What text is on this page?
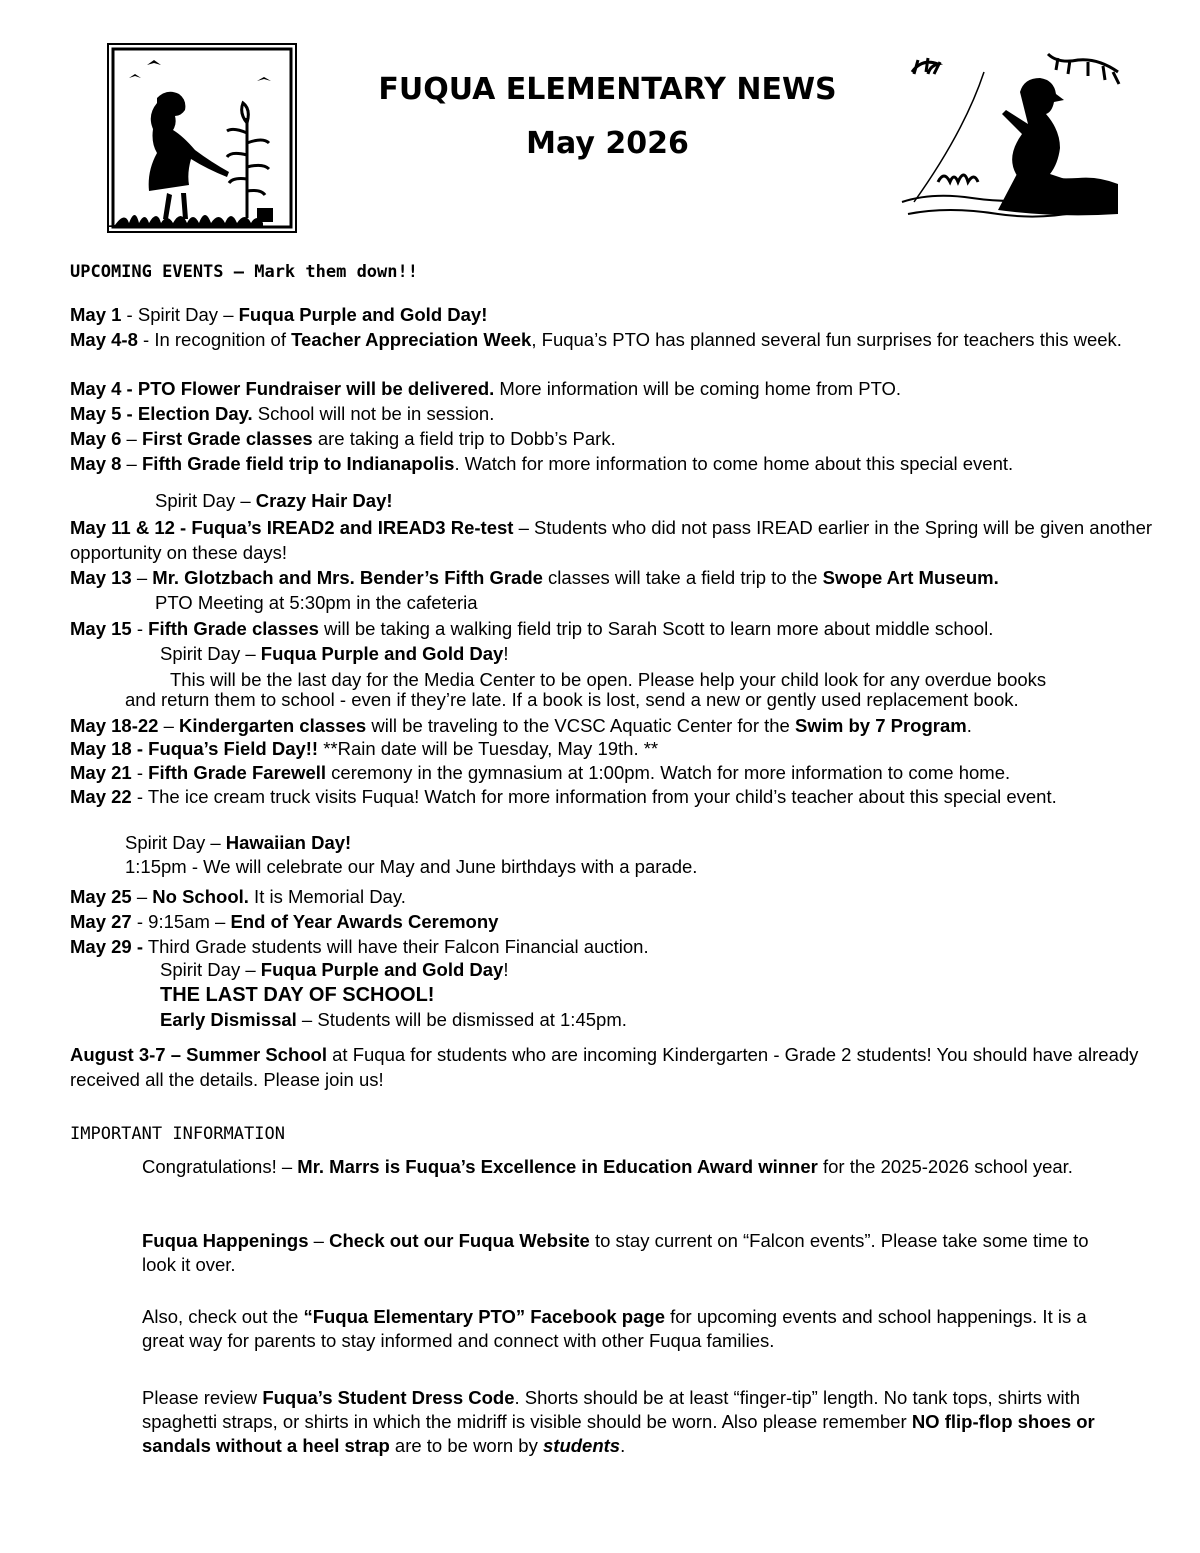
FUQUA ELEMENTARY NEWS
May 2026
UPCOMING EVENTS – Mark them down!!
May 1 - Spirit Day – Fuqua Purple and Gold Day!
May 4-8 - In recognition of Teacher Appreciation Week, Fuqua’s PTO has planned several fun surprises for teachers this week.
May 4 - PTO Flower Fundraiser will be delivered. More information will be coming home from PTO.
May 5 - Election Day. School will not be in session.
May 6 – First Grade classes are taking a field trip to Dobb’s Park.
May 8 – Fifth Grade field trip to Indianapolis. Watch for more information to come home about this special event.
Spirit Day – Crazy Hair Day!
May 11 & 12 - Fuqua’s IREAD2 and IREAD3 Re-test – Students who did not pass IREAD earlier in the Spring will be given another opportunity on these days!
May 13 – Mr. Glotzbach and Mrs. Bender’s Fifth Grade classes will take a field trip to the Swope Art Museum.
PTO Meeting at 5:30pm in the cafeteria
May 15 - Fifth Grade classes will be taking a walking field trip to Sarah Scott to learn more about middle school.
Spirit Day – Fuqua Purple and Gold Day!
This will be the last day for the Media Center to be open. Please help your child look for any overdue books
and return them to school - even if they’re late. If a book is lost, send a new or gently used replacement book.
May 18-22 – Kindergarten classes will be traveling to the VCSC Aquatic Center for the Swim by 7 Program.
May 18 - Fuqua’s Field Day!! **Rain date will be Tuesday, May 19th. **
May 21 - Fifth Grade Farewell ceremony in the gymnasium at 1:00pm. Watch for more information to come home.
May 22 - The ice cream truck visits Fuqua! Watch for more information from your child’s teacher about this special event.
Spirit Day – Hawaiian Day!
1:15pm - We will celebrate our May and June birthdays with a parade.
May 25 – No School. It is Memorial Day.
May 27 - 9:15am – End of Year Awards Ceremony
May 29 - Third Grade students will have their Falcon Financial auction.
Spirit Day – Fuqua Purple and Gold Day!
THE LAST DAY OF SCHOOL!
Early Dismissal – Students will be dismissed at 1:45pm.
August 3-7 – Summer School at Fuqua for students who are incoming Kindergarten - Grade 2 students! You should have already received all the details. Please join us!
IMPORTANT INFORMATION
Congratulations! – Mr. Marrs is Fuqua’s Excellence in Education Award winner for the 2025-2026 school year.
Fuqua Happenings – Check out our Fuqua Website to stay current on “Falcon events”. Please take some time to look it over.
Also, check out the “Fuqua Elementary PTO” Facebook page for upcoming events and school happenings. It is a great way for parents to stay informed and connect with other Fuqua families.
Please review Fuqua’s Student Dress Code. Shorts should be at least “finger-tip” length. No tank tops, shirts with spaghetti straps, or shirts in which the midriff is visible should be worn. Also please remember NO flip-flop shoes or sandals without a heel strap are to be worn by students.
